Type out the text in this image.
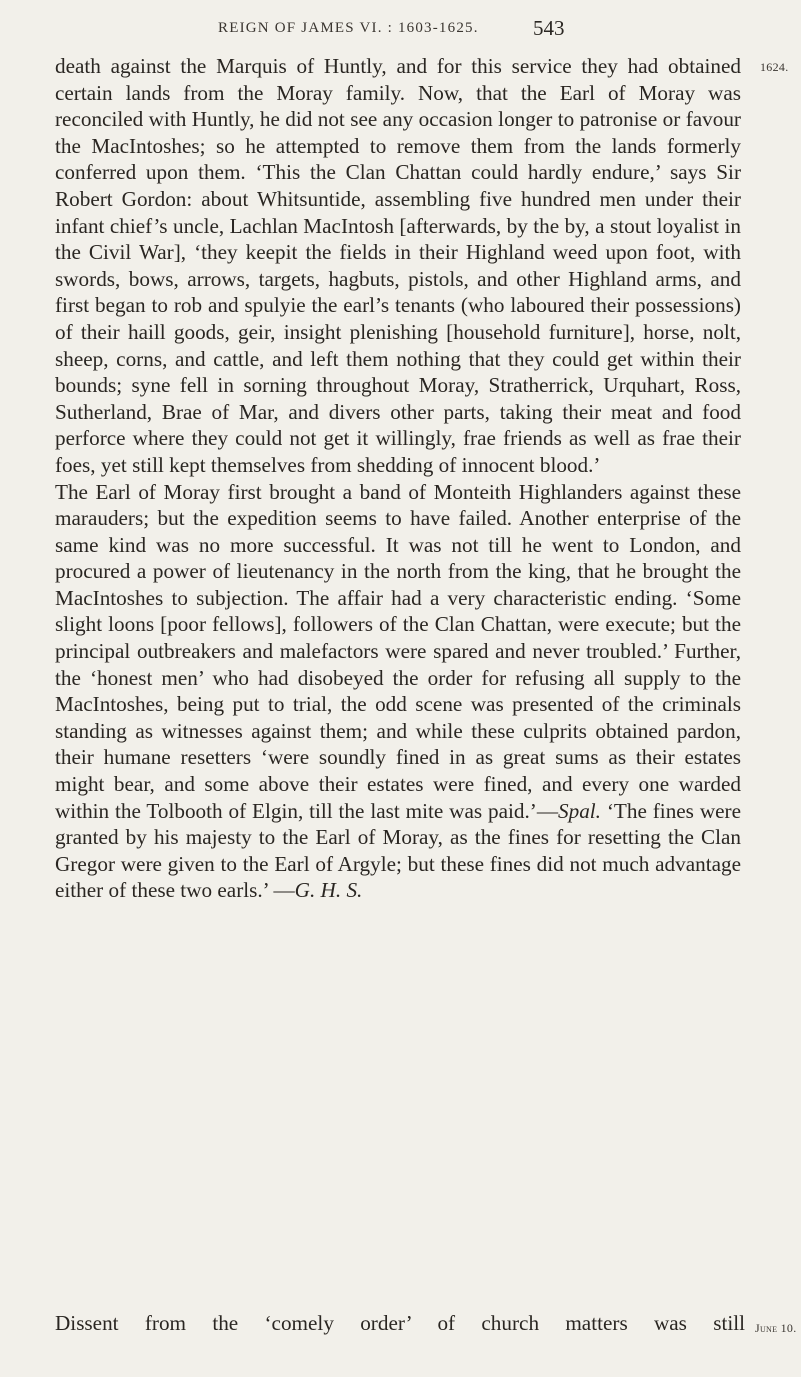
REIGN OF JAMES VI. : 1603-1625.	543
1624.

death against the Marquis of Huntly, and for this service they had obtained certain lands from the Moray family. Now, that the Earl of Moray was reconciled with Huntly, he did not see any occasion longer to patronise or favour the MacIntoshes; so he attempted to remove them from the lands formerly conferred upon them. ‘This the Clan Chattan could hardly endure,’ says Sir Robert Gordon: about Whitsuntide, assembling five hundred men under their infant chief’s uncle, Lachlan MacIntosh [afterwards, by the by, a stout loyalist in the Civil War], ‘they keepit the fields in their Highland weed upon foot, with swords, bows, arrows, targets, hagbuts, pistols, and other Highland arms, and first began to rob and spulyie the earl’s tenants (who laboured their possessions) of their haill goods, geir, insight plenishing [household furniture], horse, nolt, sheep, corns, and cattle, and left them nothing that they could get within their bounds; syne fell in sorning throughout Moray, Stratherrick, Urquhart, Ross, Sutherland, Brae of Mar, and divers other parts, taking their meat and food perforce where they could not get it willingly, frae friends as well as frae their foes, yet still kept themselves from shedding of innocent blood.’

The Earl of Moray first brought a band of Monteith Highlanders against these marauders; but the expedition seems to have failed. Another enterprise of the same kind was no more successful. It was not till he went to London, and procured a power of lieutenancy in the north from the king, that he brought the MacIntoshes to subjection. The affair had a very characteristic ending. ‘Some slight loons [poor fellows], followers of the Clan Chattan, were execute; but the principal outbreakers and malefactors were spared and never troubled.’ Further, the ‘honest men’ who had disobeyed the order for refusing all supply to the MacIntoshes, being put to trial, the odd scene was presented of the criminals standing as witnesses against them; and while these culprits obtained pardon, their humane resetters ‘were soundly fined in as great sums as their estates might bear, and some above their estates were fined, and every one warded within the Tolbooth of Elgin, till the last mite was paid.’—Spal. ‘The fines were granted by his majesty to the Earl of Moray, as the fines for resetting the Clan Gregor were given to the Earl of Argyle; but these fines did not much advantage either of these two earls.’ —G. H. S.

Dissent from the ‘comely order’ of church matters was still June 10.
